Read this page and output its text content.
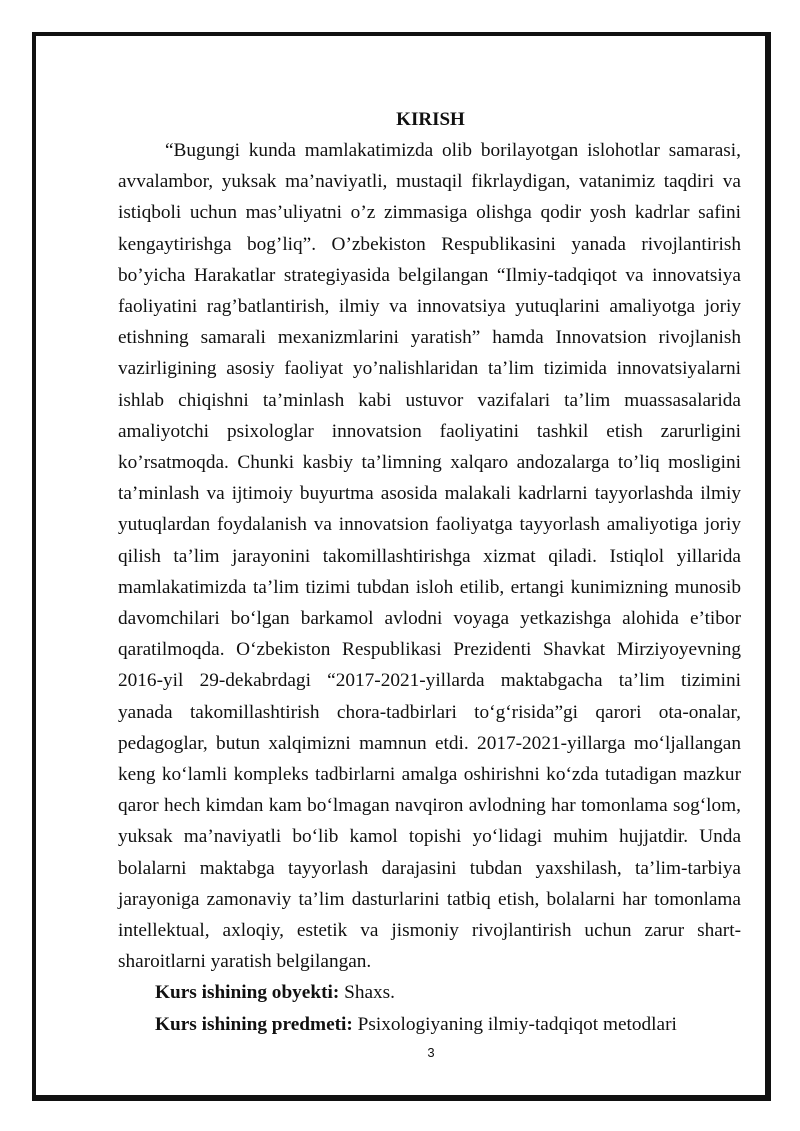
KIRISH

“Bugungi kunda mamlakatimizda olib borilayotgan islohotlar samarasi, avvalambor, yuksak ma’naviyatli, mustaqil fikrlaydigan, vatanimiz taqdiri va istiqboli uchun mas’uliyatni o’z zimmasiga olishga qodir yosh kadrlar safini kengaytirishga bog’liq”. O’zbekiston Respublikasini yanada rivojlantirish bo’yicha Harakatlar strategiyasida belgilangan “Ilmiy-tadqiqot va innovatsiya faoliyatini rag’batlantirish, ilmiy va innovatsiya yutuqlarini amaliyotga joriy etishning samarali mexanizmlarini yaratish” hamda Innovatsion rivojlanish vazirligining asosiy faoliyat yo’nalishlaridan ta’lim tizimida innovatsiyalarni ishlab chiqishni ta’minlash kabi ustuvor vazifalari ta’lim muassasalarida amaliyotchi psixologlar innovatsion faoliyatini tashkil etish zarurligini ko’rsatmoqda. Chunki kasbiy ta’limning xalqaro andozalarga to’liq mosligini ta’minlash va ijtimoiy buyurtma asosida malakali kadrlarni tayyorlashda ilmiy yutuqlardan foydalanish va innovatsion faoliyatga tayyorlash amaliyotiga joriy qilish ta’lim jarayonini takomillashtirishga xizmat qiladi. Istiqlol yillarida mamlakatimizda ta’lim tizimi tubdan isloh etilib, ertangi kunimizning munosib davomchilari bo‘lgan barkamol avlodni voyaga yetkazishga alohida e’tibor qaratilmoqda. O‘zbekiston Respublikasi Prezidenti Shavkat Mirziyoyevning 2016-yil 29-dekabrdagi “2017-2021-yillarda maktabgacha ta’lim tizimini yanada takomillashtirish chora-tadbirlari to‘g‘risida”gi qarori ota-onalar, pedagoglar, butun xalqimizni mamnun etdi. 2017-2021-yillarga mo‘ljallangan keng ko‘lamli kompleks tadbirlarni amalga oshirishni ko‘zda tutadigan mazkur qaror hech kimdan kam bo‘lmagan navqiron avlodning har tomonlama sog‘lom, yuksak ma’naviyatli bo‘lib kamol topishi yo‘lidagi muhim hujjatdir. Unda bolalarni maktabga tayyorlash darajasini tubdan yaxshilash, ta’lim-tarbiya jarayoniga zamonaviy ta’lim dasturlarini tatbiq etish, bolalarni har tomonlama intellektual, axloqiy, estetik va jismoniy rivojlantirish uchun zarur shart-sharoitlarni yaratish belgilangan.

Kurs ishining obyekti: Shaxs.

Kurs ishining predmeti: Psixologiyaning ilmiy-tadqiqot metodlari

3
